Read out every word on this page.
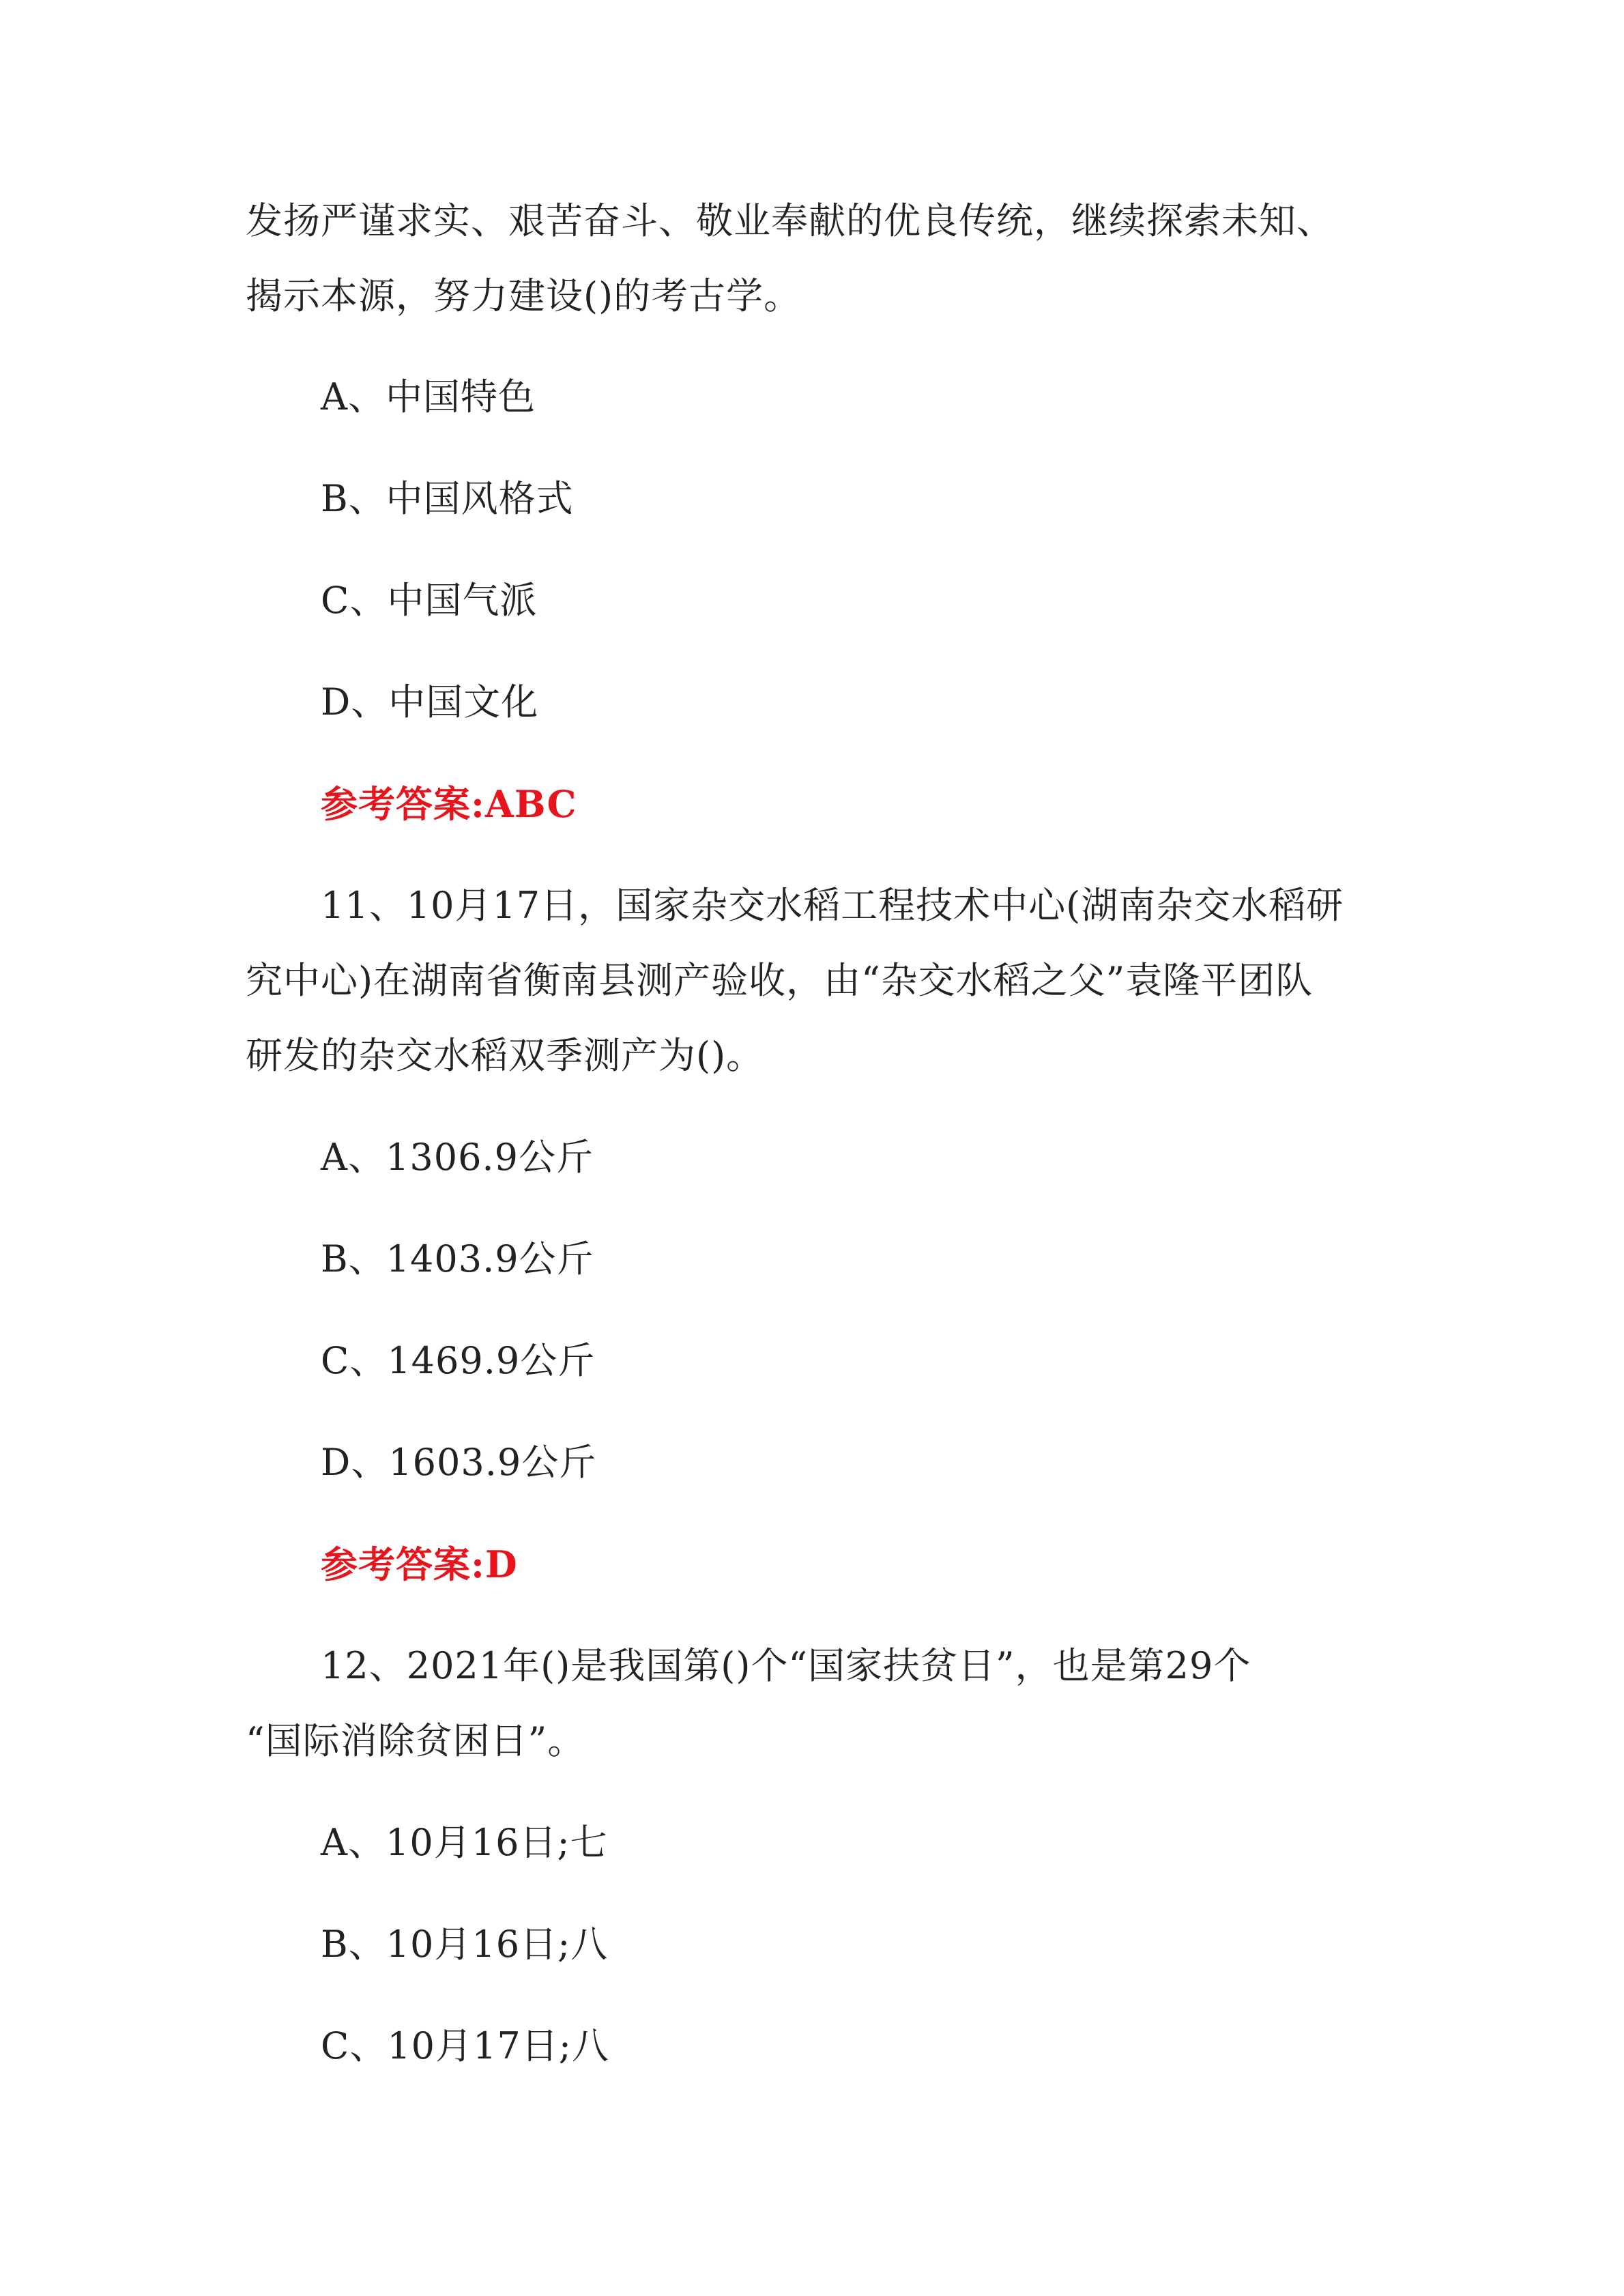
发扬严谨求实、艰苦奋斗、敬业奉献的优良传统，继续探索未知、
揭示本源，努力建设()的考古学。
A、中国特色
B、中国风格式
C、中国气派
D、中国文化
参考答案:ABC
11、10月17日，国家杂交水稻工程技术中心(湖南杂交水稻研
究中心)在湖南省衡南县测产验收，由“杂交水稻之父”袁隆平团队
研发的杂交水稻双季测产为()。
A、1306.9公斤
B、1403.9公斤
C、1469.9公斤
D、1603.9公斤
参考答案:D
12、2021年()是我国第()个“国家扶贫日”，也是第29个
“国际消除贫困日”。
A、10月16日;七
B、10月16日;八
C、10月17日;八
